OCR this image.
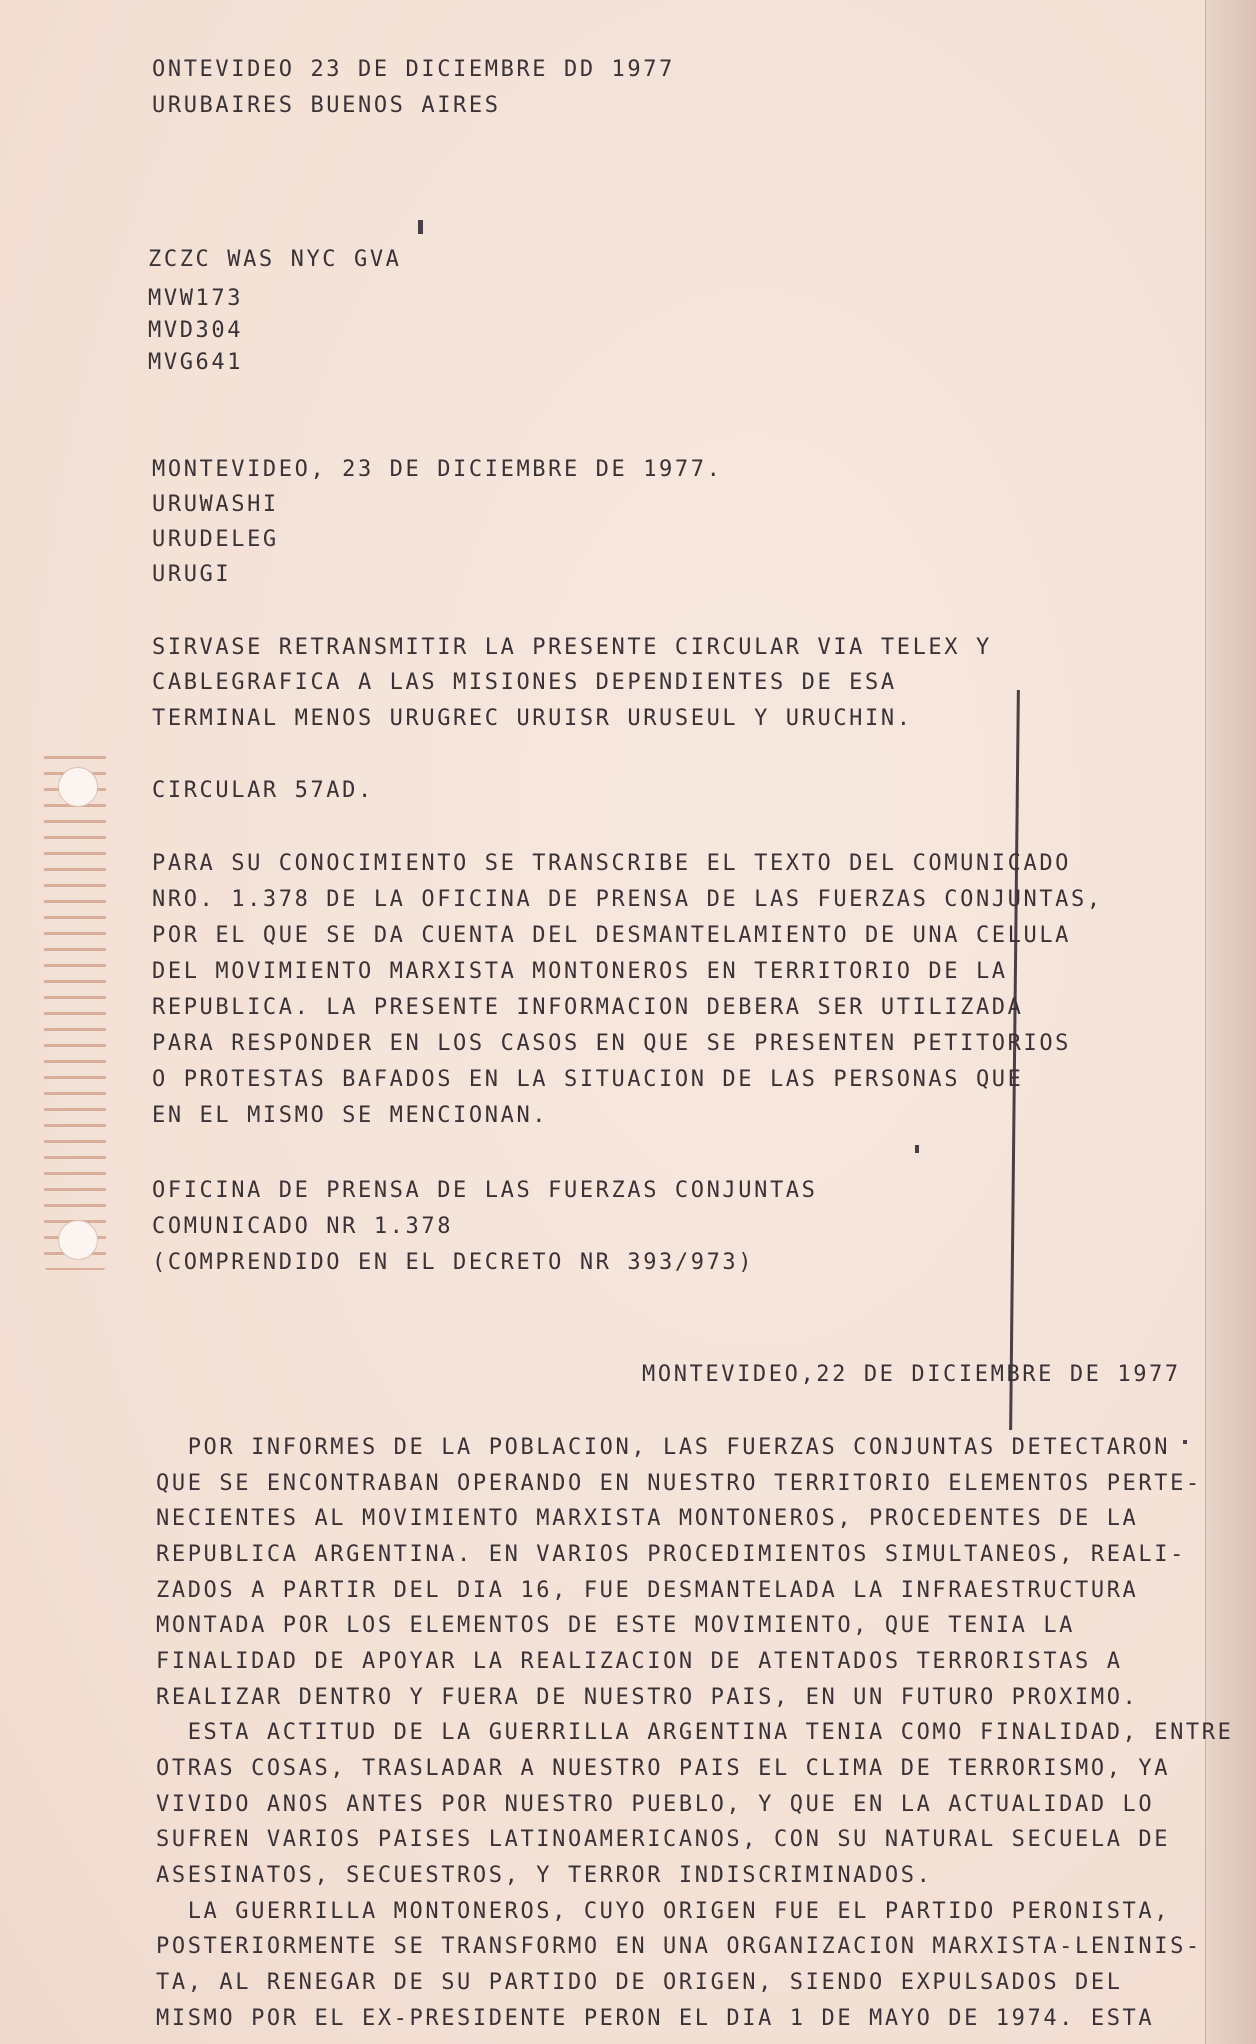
ONTEVIDEO 23 DE DICIEMBRE DD 1977
URUBAIRES BUENOS AIRES
ZCZC WAS NYC GVA
MVW173
MVD304
MVG641
MONTEVIDEO, 23 DE DICIEMBRE DE 1977.
URUWASHI
URUDELEG
URUGI
SIRVASE RETRANSMITIR LA PRESENTE CIRCULAR VIA TELEX Y
CABLEGRAFICA A LAS MISIONES DEPENDIENTES DE ESA
TERMINAL MENOS URUGREC URUISR URUSEUL Y URUCHIN.
CIRCULAR 57AD.
PARA SU CONOCIMIENTO SE TRANSCRIBE EL TEXTO DEL COMUNICADO
NRO. 1.378 DE LA OFICINA DE PRENSA DE LAS FUERZAS CONJUNTAS,
POR EL QUE SE DA CUENTA DEL DESMANTELAMIENTO DE UNA CELULA
DEL MOVIMIENTO MARXISTA MONTONEROS EN TERRITORIO DE LA
REPUBLICA. LA PRESENTE INFORMACION DEBERA SER UTILIZADA
PARA RESPONDER EN LOS CASOS EN QUE SE PRESENTEN PETITORIOS
O PROTESTAS BAFADOS EN LA SITUACION DE LAS PERSONAS QUE
EN EL MISMO SE MENCIONAN.
OFICINA DE PRENSA DE LAS FUERZAS CONJUNTAS
COMUNICADO NR 1.378
(COMPRENDIDO EN EL DECRETO NR 393/973)
MONTEVIDEO,22 DE DICIEMBRE DE 1977
POR INFORMES DE LA POBLACION, LAS FUERZAS CONJUNTAS DETECTARON
QUE SE ENCONTRABAN OPERANDO EN NUESTRO TERRITORIO ELEMENTOS PERTE-
NECIENTES AL MOVIMIENTO MARXISTA MONTONEROS, PROCEDENTES DE LA
REPUBLICA ARGENTINA. EN VARIOS PROCEDIMIENTOS SIMULTANEOS, REALI-
ZADOS A PARTIR DEL DIA 16, FUE DESMANTELADA LA INFRAESTRUCTURA
MONTADA POR LOS ELEMENTOS DE ESTE MOVIMIENTO, QUE TENIA LA
FINALIDAD DE APOYAR LA REALIZACION DE ATENTADOS TERRORISTAS A
REALIZAR DENTRO Y FUERA DE NUESTRO PAIS, EN UN FUTURO PROXIMO.
ESTA ACTITUD DE LA GUERRILLA ARGENTINA TENIA COMO FINALIDAD, ENTRE
OTRAS COSAS, TRASLADAR A NUESTRO PAIS EL CLIMA DE TERRORISMO, YA
VIVIDO ANOS ANTES POR NUESTRO PUEBLO, Y QUE EN LA ACTUALIDAD LO
SUFREN VARIOS PAISES LATINOAMERICANOS, CON SU NATURAL SECUELA DE
ASESINATOS, SECUESTROS, Y TERROR INDISCRIMINADOS.
LA GUERRILLA MONTONEROS, CUYO ORIGEN FUE EL PARTIDO PERONISTA,
POSTERIORMENTE SE TRANSFORMO EN UNA ORGANIZACION MARXISTA-LENINIS-
TA, AL RENEGAR DE SU PARTIDO DE ORIGEN, SIENDO EXPULSADOS DEL
MISMO POR EL EX-PRESIDENTE PERON EL DIA 1 DE MAYO DE 1974. ESTA
